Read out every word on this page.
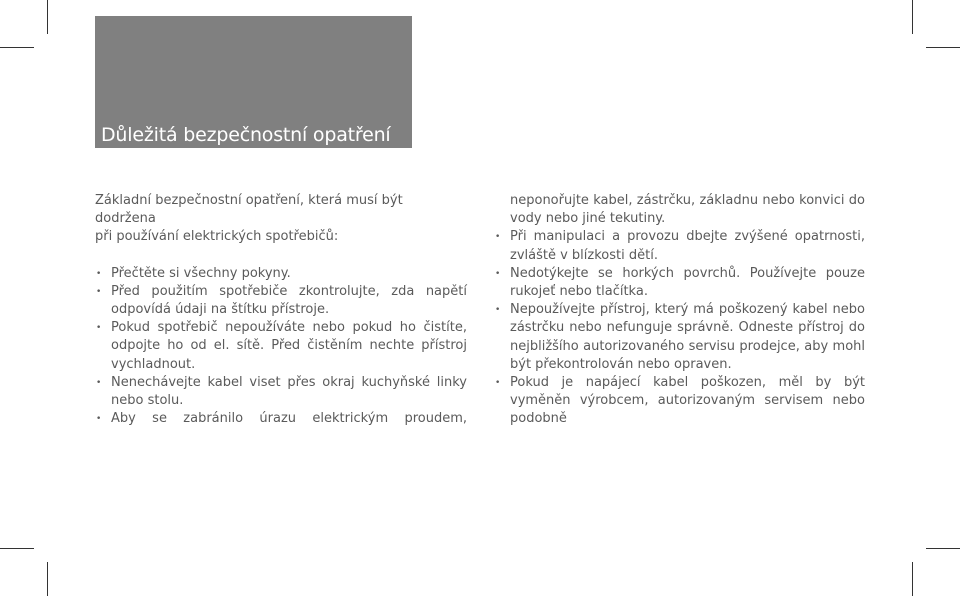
Důležitá bezpečnostní opatření
Základní bezpečnostní opatření, která musí být dodržena
při používání elektrických spotřebičů:
• Přečtěte si všechny pokyny.
• Před použitím spotřebiče zkontrolujte, zda napětí odpovídá údaji na štítku přístroje.
• Pokud spotřebič nepoužíváte nebo pokud ho čistíte, odpojte ho od el. sítě. Před čistěním nechte přístroj vychladnout.
• Nenechávejte kabel viset přes okraj kuchyňské linky nebo stolu.
• Aby se zabránilo úrazu elektrickým proudem,
neponořujte kabel, zástrčku, základnu nebo konvici do vody nebo jiné tekutiny.
• Při manipulaci a provozu dbejte zvýšené opatrnosti, zvláště v blízkosti dětí.
• Nedotýkejte se horkých povrchů. Používejte pouze rukojeť nebo tlačítka.
• Nepoužívejte přístroj, který má poškozený kabel nebo zástrčku nebo nefunguje správně. Odneste přístroj do nejbližšího autorizovaného servisu prodejce, aby mohl být překontrolován nebo opraven.
• Pokud je napájecí kabel poškozen, měl by být vyměněn výrobcem, autorizovaným servisem nebo podobně
